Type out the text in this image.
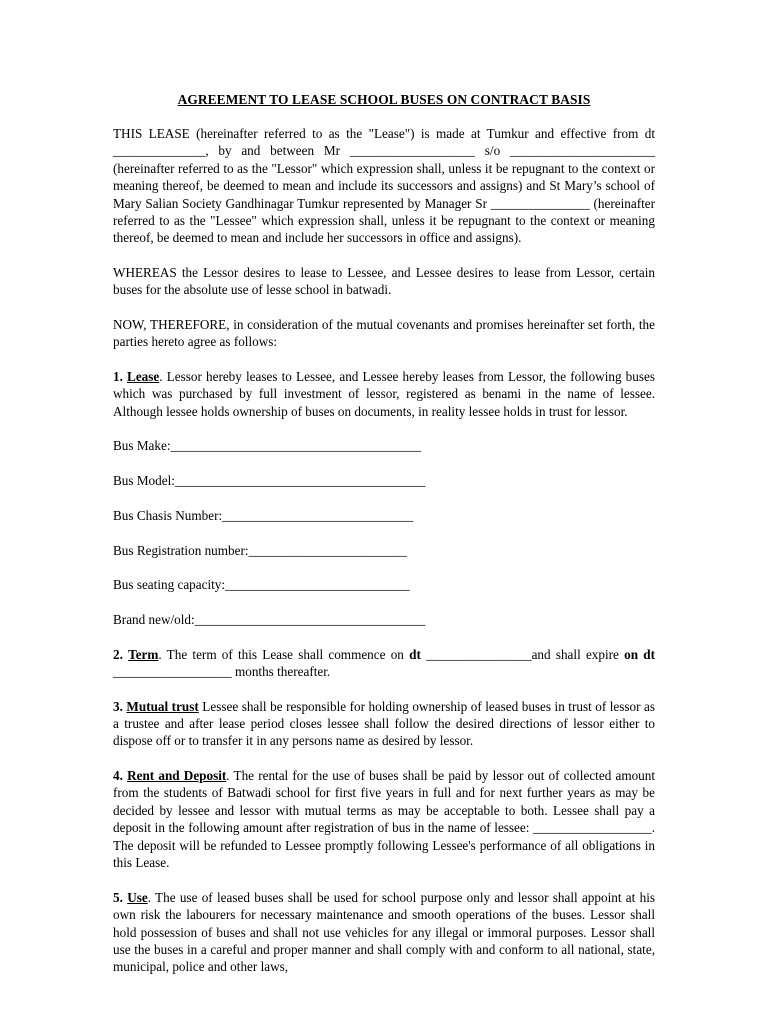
AGREEMENT TO LEASE SCHOOL BUSES ON CONTRACT BASIS

THIS LEASE (hereinafter referred to as the "Lease") is made at Tumkur and effective from dt ______________, by and between Mr ___________________ s/o ______________________ (hereinafter referred to as the "Lessor" which expression shall, unless it be repugnant to the context or meaning thereof, be deemed to mean and include its successors and assigns) and St Mary’s school of Mary Salian Society Gandhinagar Tumkur represented by Manager Sr _______________ (hereinafter referred to as the "Lessee" which expression shall, unless it be repugnant to the context or meaning thereof, be deemed to mean and include her successors in office and assigns).

WHEREAS the Lessor desires to lease to Lessee, and Lessee desires to lease from Lessor, certain buses for the absolute use of lesse school in batwadi.

NOW, THEREFORE, in consideration of the mutual covenants and promises hereinafter set forth, the parties hereto agree as follows:

1. Lease. Lessor hereby leases to Lessee, and Lessee hereby leases from Lessor, the following buses which was purchased by full investment of lessor, registered as benami in the name of lessee. Although lessee holds ownership of buses on documents, in reality lessee holds in trust for lessor.

Bus Make:______________________________________
Bus Model:______________________________________
Bus Chasis Number:_____________________________
Bus Registration number:________________________
Bus seating capacity:____________________________
Brand new/old:___________________________________

2. Term. The term of this Lease shall commence on dt ________________and shall expire on dt __________________ months thereafter.

3. Mutual trust Lessee shall be responsible for holding ownership of leased buses in trust of lessor as a trustee and after lease period closes lessee shall follow the desired directions of lessor either to dispose off or to transfer it in any persons name as desired by lessor.

4. Rent and Deposit. The rental for the use of buses shall be paid by lessor out of collected amount from the students of Batwadi school for first five years in full and for next further years as may be decided by lessee and lessor with mutual terms as may be acceptable to both. Lessee shall pay a deposit in the following amount after registration of bus in the name of lessee: __________________. The deposit will be refunded to Lessee promptly following Lessee's performance of all obligations in this Lease.

5. Use. The use of leased buses shall be used for school purpose only and lessor shall appoint at his own risk the labourers for necessary maintenance and smooth operations of the buses. Lessor shall hold possession of buses and shall not use vehicles for any illegal or immoral purposes. Lessor shall use the buses in a careful and proper manner and shall comply with and conform to all national, state, municipal, police and other laws,
